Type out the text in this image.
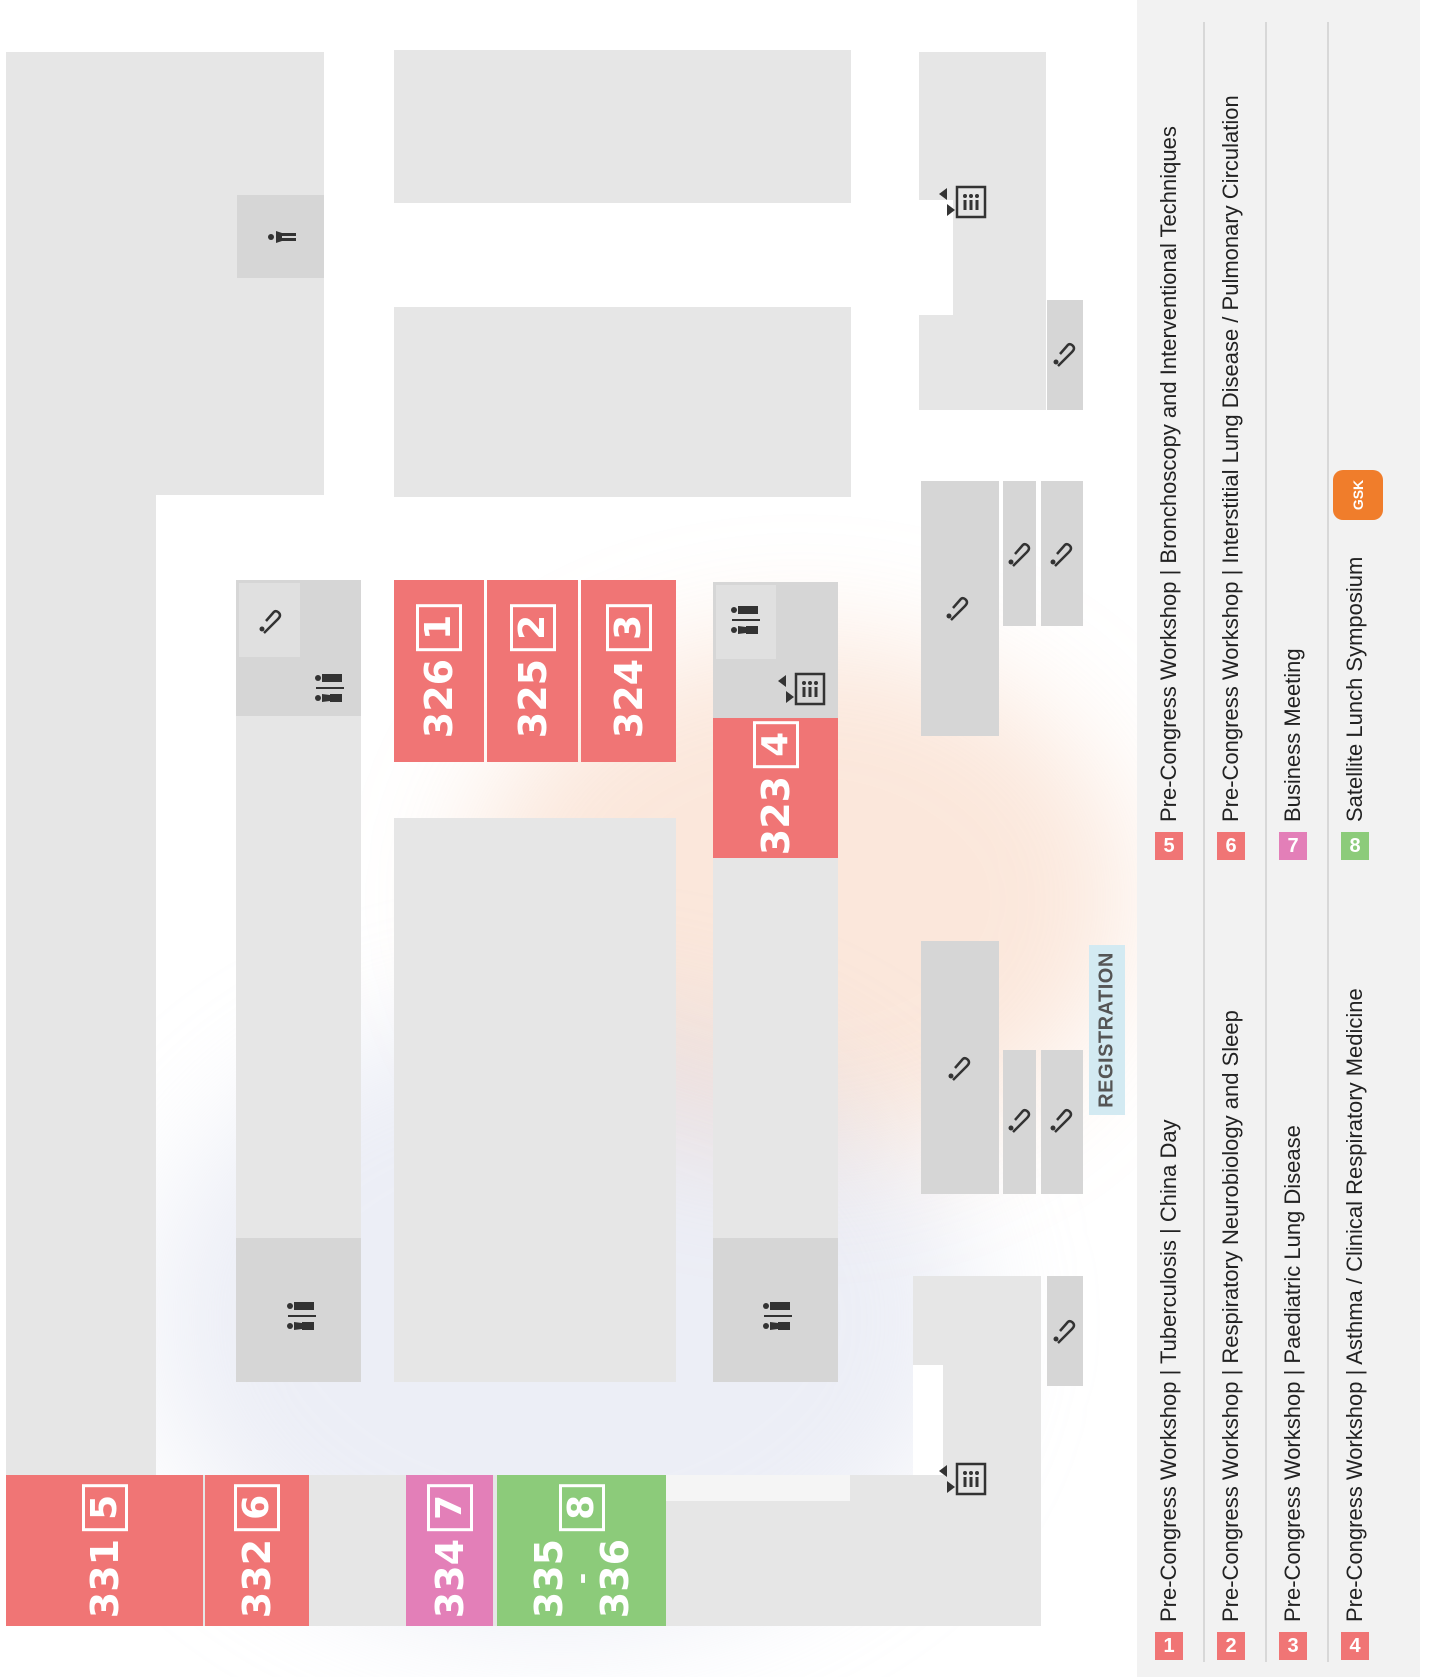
331
5
332
6
334
7
335
-
336
8
326
1
325
2
324
3
323
4
REGISTRATION
1
Pre-Congress Workshop | Tuberculosis | China Day
5
Pre-Congress Workshop | Bronchoscopy and Interventional Techniques
2
Pre-Congress Workshop | Respiratory Neurobiology and Sleep
6
Pre-Congress Workshop | Interstitial Lung Disease / Pulmonary Circulation
3
Pre-Congress Workshop | Paediatric Lung Disease
7
Business Meeting
4
Pre-Congress Workshop | Asthma / Clinical Respiratory Medicine
8
Satellite Lunch Symposium
GSK
